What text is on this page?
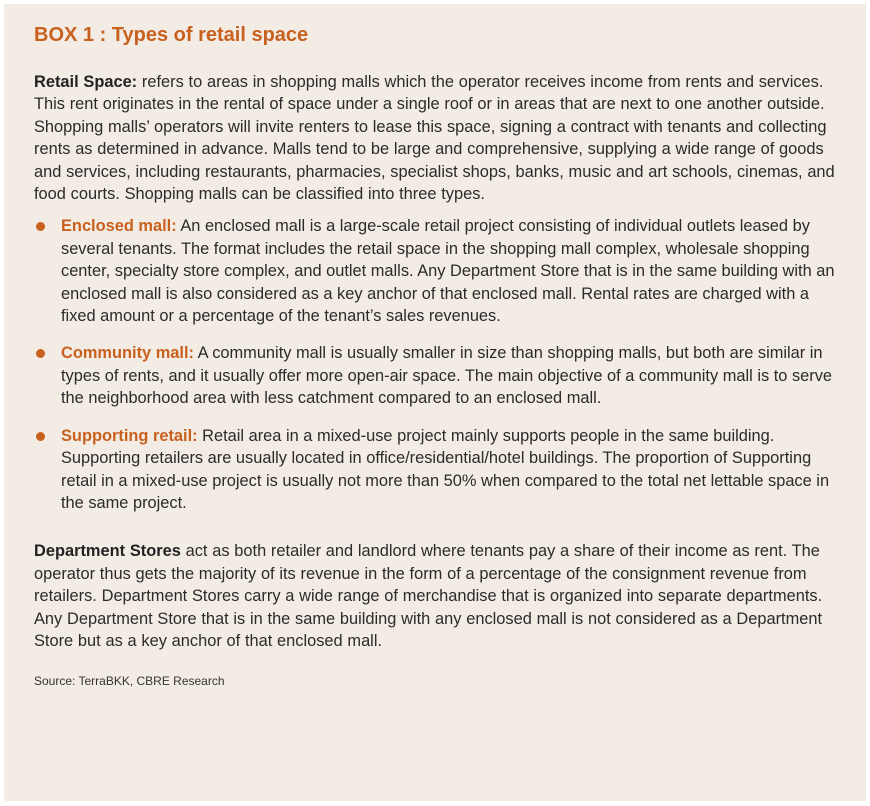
BOX 1 : Types of retail space

Retail Space: refers to areas in shopping malls which the operator receives income from rents and services. This rent originates in the rental of space under a single roof or in areas that are next to one another outside. Shopping malls’ operators will invite renters to lease this space, signing a contract with tenants and collecting rents as determined in advance. Malls tend to be large and comprehensive, supplying a wide range of goods and services, including restaurants, pharmacies, specialist shops, banks, music and art schools, cinemas, and food courts. Shopping malls can be classified into three types.

Enclosed mall: An enclosed mall is a large-scale retail project consisting of individual outlets leased by several tenants. The format includes the retail space in the shopping mall complex, wholesale shopping center, specialty store complex, and outlet malls. Any Department Store that is in the same building with an enclosed mall is also considered as a key anchor of that enclosed mall. Rental rates are charged with a fixed amount or a percentage of the tenant’s sales revenues.
Community mall: A community mall is usually smaller in size than shopping malls, but both are similar in types of rents, and it usually offer more open-air space. The main objective of a community mall is to serve the neighborhood area with less catchment compared to an enclosed mall.
Supporting retail: Retail area in a mixed-use project mainly supports people in the same building. Supporting retailers are usually located in office/residential/hotel buildings. The proportion of Supporting retail in a mixed-use project is usually not more than 50% when compared to the total net lettable space in the same project.

Department Stores act as both retailer and landlord where tenants pay a share of their income as rent. The operator thus gets the majority of its revenue in the form of a percentage of the consignment revenue from retailers. Department Stores carry a wide range of merchandise that is organized into separate departments. Any Department Store that is in the same building with any enclosed mall is not considered as a Department Store but as a key anchor of that enclosed mall.

Source: TerraBKK, CBRE Research
